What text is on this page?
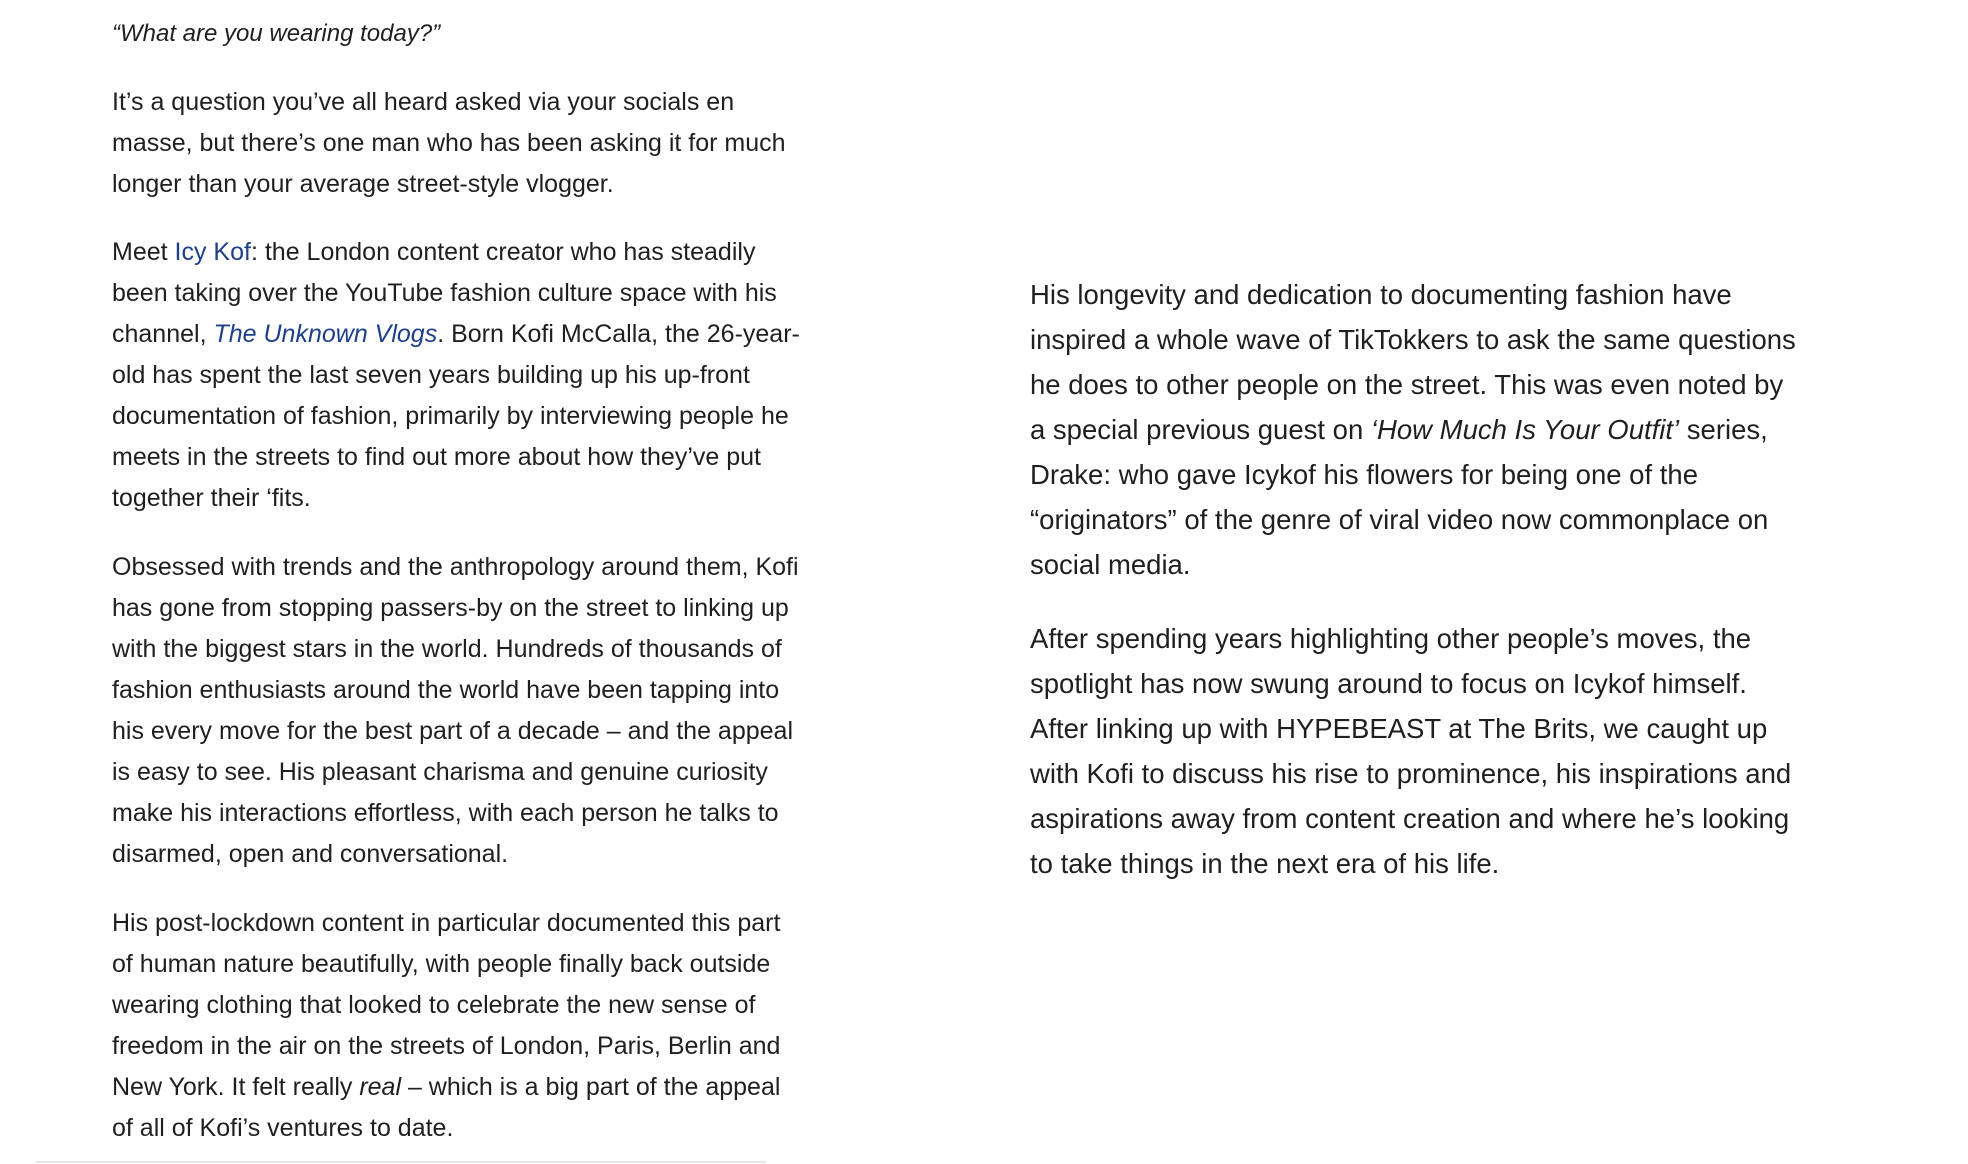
“What are you wearing today?”

It’s a question you’ve all heard asked via your socials en masse, but there’s one man who has been asking it for much longer than your average street-style vlogger.

Meet Icy Kof: the London content creator who has steadily been taking over the YouTube fashion culture space with his channel, The Unknown Vlogs. Born Kofi McCalla, the 26-year-old has spent the last seven years building up his up-front documentation of fashion, primarily by interviewing people he meets in the streets to find out more about how they’ve put together their ‘fits.

Obsessed with trends and the anthropology around them, Kofi has gone from stopping passers-by on the street to linking up with the biggest stars in the world. Hundreds of thousands of fashion enthusiasts around the world have been tapping into his every move for the best part of a decade – and the appeal is easy to see. His pleasant charisma and genuine curiosity make his interactions effortless, with each person he talks to disarmed, open and conversational.

His post-lockdown content in particular documented this part of human nature beautifully, with people finally back outside wearing clothing that looked to celebrate the new sense of freedom in the air on the streets of London, Paris, Berlin and New York. It felt really real – which is a big part of the appeal of all of Kofi’s ventures to date.

His longevity and dedication to documenting fashion have inspired a whole wave of TikTokkers to ask the same questions he does to other people on the street. This was even noted by a special previous guest on ‘How Much Is Your Outfit’ series, Drake: who gave Icykof his flowers for being one of the “originators” of the genre of viral video now commonplace on social media.

After spending years highlighting other people’s moves, the spotlight has now swung around to focus on Icykof himself. After linking up with HYPEBEAST at The Brits, we caught up with Kofi to discuss his rise to prominence, his inspirations and aspirations away from content creation and where he’s looking to take things in the next era of his life.
